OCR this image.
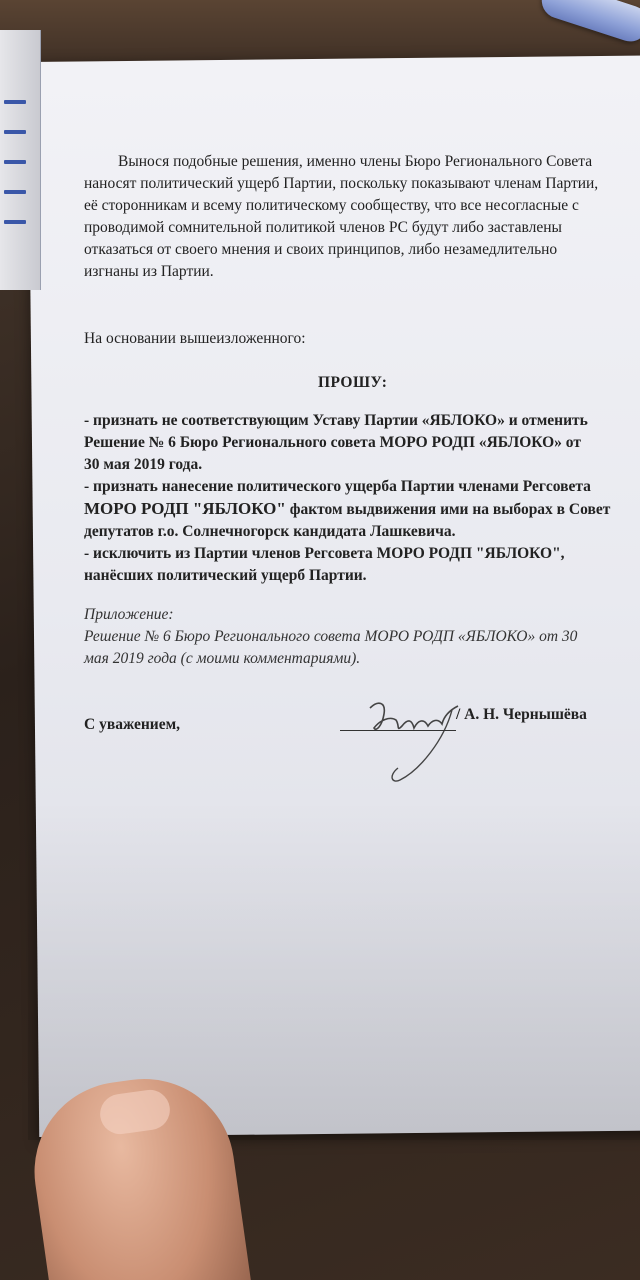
Вынося подобные решения, именно члены Бюро Регионального Совета
наносят политический ущерб Партии, поскольку показывают членам Партии,
её сторонникам и всему политическому сообществу, что все несогласные с
проводимой сомнительной политикой членов РС будут либо заставлены
отказаться от своего мнения и своих принципов, либо незамедлительно
изгнаны из Партии.
На основании вышеизложенного:
ПРОШУ:
- признать не соответствующим Уставу Партии «ЯБЛОКО» и отменить
Решение № 6 Бюро Регионального совета МОРО РОДП «ЯБЛОКО» от
30 мая 2019 года.
- признать нанесение политического ущерба Партии членами Регсовета
МОРО РОДП "ЯБЛОКО" фактом выдвижения ими на выборах в Совет
депутатов г.о. Солнечногорск кандидата Лашкевича.
- исключить из Партии членов Регсовета МОРО РОДП "ЯБЛОКО",
нанёсших политический ущерб Партии.
Приложение:
Решение № 6 Бюро Регионального совета МОРО РОДП «ЯБЛОКО» от 30
мая 2019 года (с моими комментариями).
С уважением,
/ А. Н. Чернышёва
